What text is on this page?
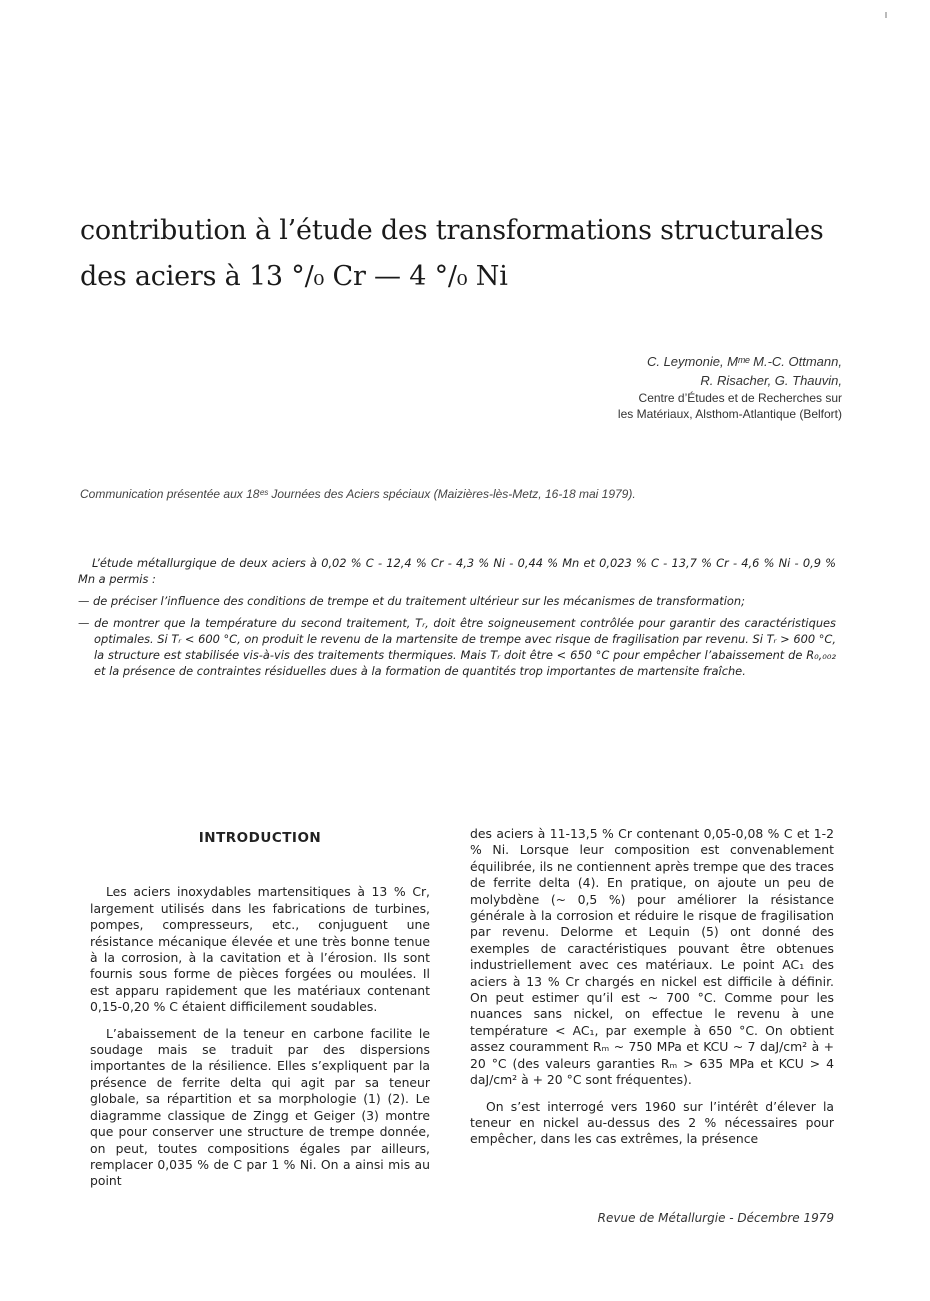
contribution à l’étude des transformations structurales
des aciers à 13 °/₀ Cr — 4 °/₀ Ni
C. Leymonie, Mᵐᵉ M.-C. Ottmann,
R. Risacher, G. Thauvin,
Centre d’Études et de Recherches sur
les Matériaux, Alsthom-Atlantique (Belfort)
Communication présentée aux 18ᵉˢ Journées des Aciers spéciaux (Maizières-lès-Metz, 16-18 mai 1979).

L’étude métallurgique de deux aciers à 0,02 % C - 12,4 % Cr - 4,3 % Ni - 0,44 % Mn et 0,023 % C - 13,7 % Cr - 4,6 % Ni - 0,9 % Mn a permis :

— de préciser l’influence des conditions de trempe et du traitement ultérieur sur les mécanismes de transformation;

— de montrer que la température du second traitement, Tᵣ, doit être soigneusement contrôlée pour garantir des caractéristiques optimales. Si Tᵣ < 600 °C, on produit le revenu de la martensite de trempe avec risque de fragilisation par revenu. Si Tᵣ > 600 °C, la structure est stabilisée vis-à-vis des traitements thermiques. Mais Tᵣ doit être < 650 °C pour empêcher l’abaissement de R₀,₀₀₂ et la présence de contraintes résiduelles dues à la formation de quantités trop importantes de martensite fraîche.

INTRODUCTION

Les aciers inoxydables martensitiques à 13 % Cr, largement utilisés dans les fabrications de turbines, pompes, compresseurs, etc., conjuguent une résistance mécanique élevée et une très bonne tenue à la corrosion, à la cavitation et à l’érosion. Ils sont fournis sous forme de pièces forgées ou moulées. Il est apparu rapidement que les matériaux contenant 0,15-0,20 % C étaient difficilement soudables.

L’abaissement de la teneur en carbone facilite le soudage mais se traduit par des dispersions importantes de la résilience. Elles s’expliquent par la présence de ferrite delta qui agit par sa teneur globale, sa répartition et sa morphologie (1) (2). Le diagramme classique de Zingg et Geiger (3) montre que pour conserver une structure de trempe donnée, on peut, toutes compositions égales par ailleurs, remplacer 0,035 % de C par 1 % Ni. On a ainsi mis au point

des aciers à 11-13,5 % Cr contenant 0,05-0,08 % C et 1-2 % Ni. Lorsque leur composition est convenablement équilibrée, ils ne contiennent après trempe que des traces de ferrite delta (4). En pratique, on ajoute un peu de molybdène (~ 0,5 %) pour améliorer la résistance générale à la corrosion et réduire le risque de fragilisation par revenu. Delorme et Lequin (5) ont donné des exemples de caractéristiques pouvant être obtenues industriellement avec ces matériaux. Le point AC₁ des aciers à 13 % Cr chargés en nickel est difficile à définir. On peut estimer qu’il est ~ 700 °C. Comme pour les nuances sans nickel, on effectue le revenu à une température < AC₁, par exemple à 650 °C. On obtient assez couramment Rₘ ~ 750 MPa et KCU ~ 7 daJ/cm² à + 20 °C (des valeurs garanties Rₘ > 635 MPa et KCU > 4 daJ/cm² à + 20 °C sont fréquentes).

On s’est interrogé vers 1960 sur l’intérêt d’élever la teneur en nickel au-dessus des 2 % nécessaires pour empêcher, dans les cas extrêmes, la présence

Revue de Métallurgie - Décembre 1979
